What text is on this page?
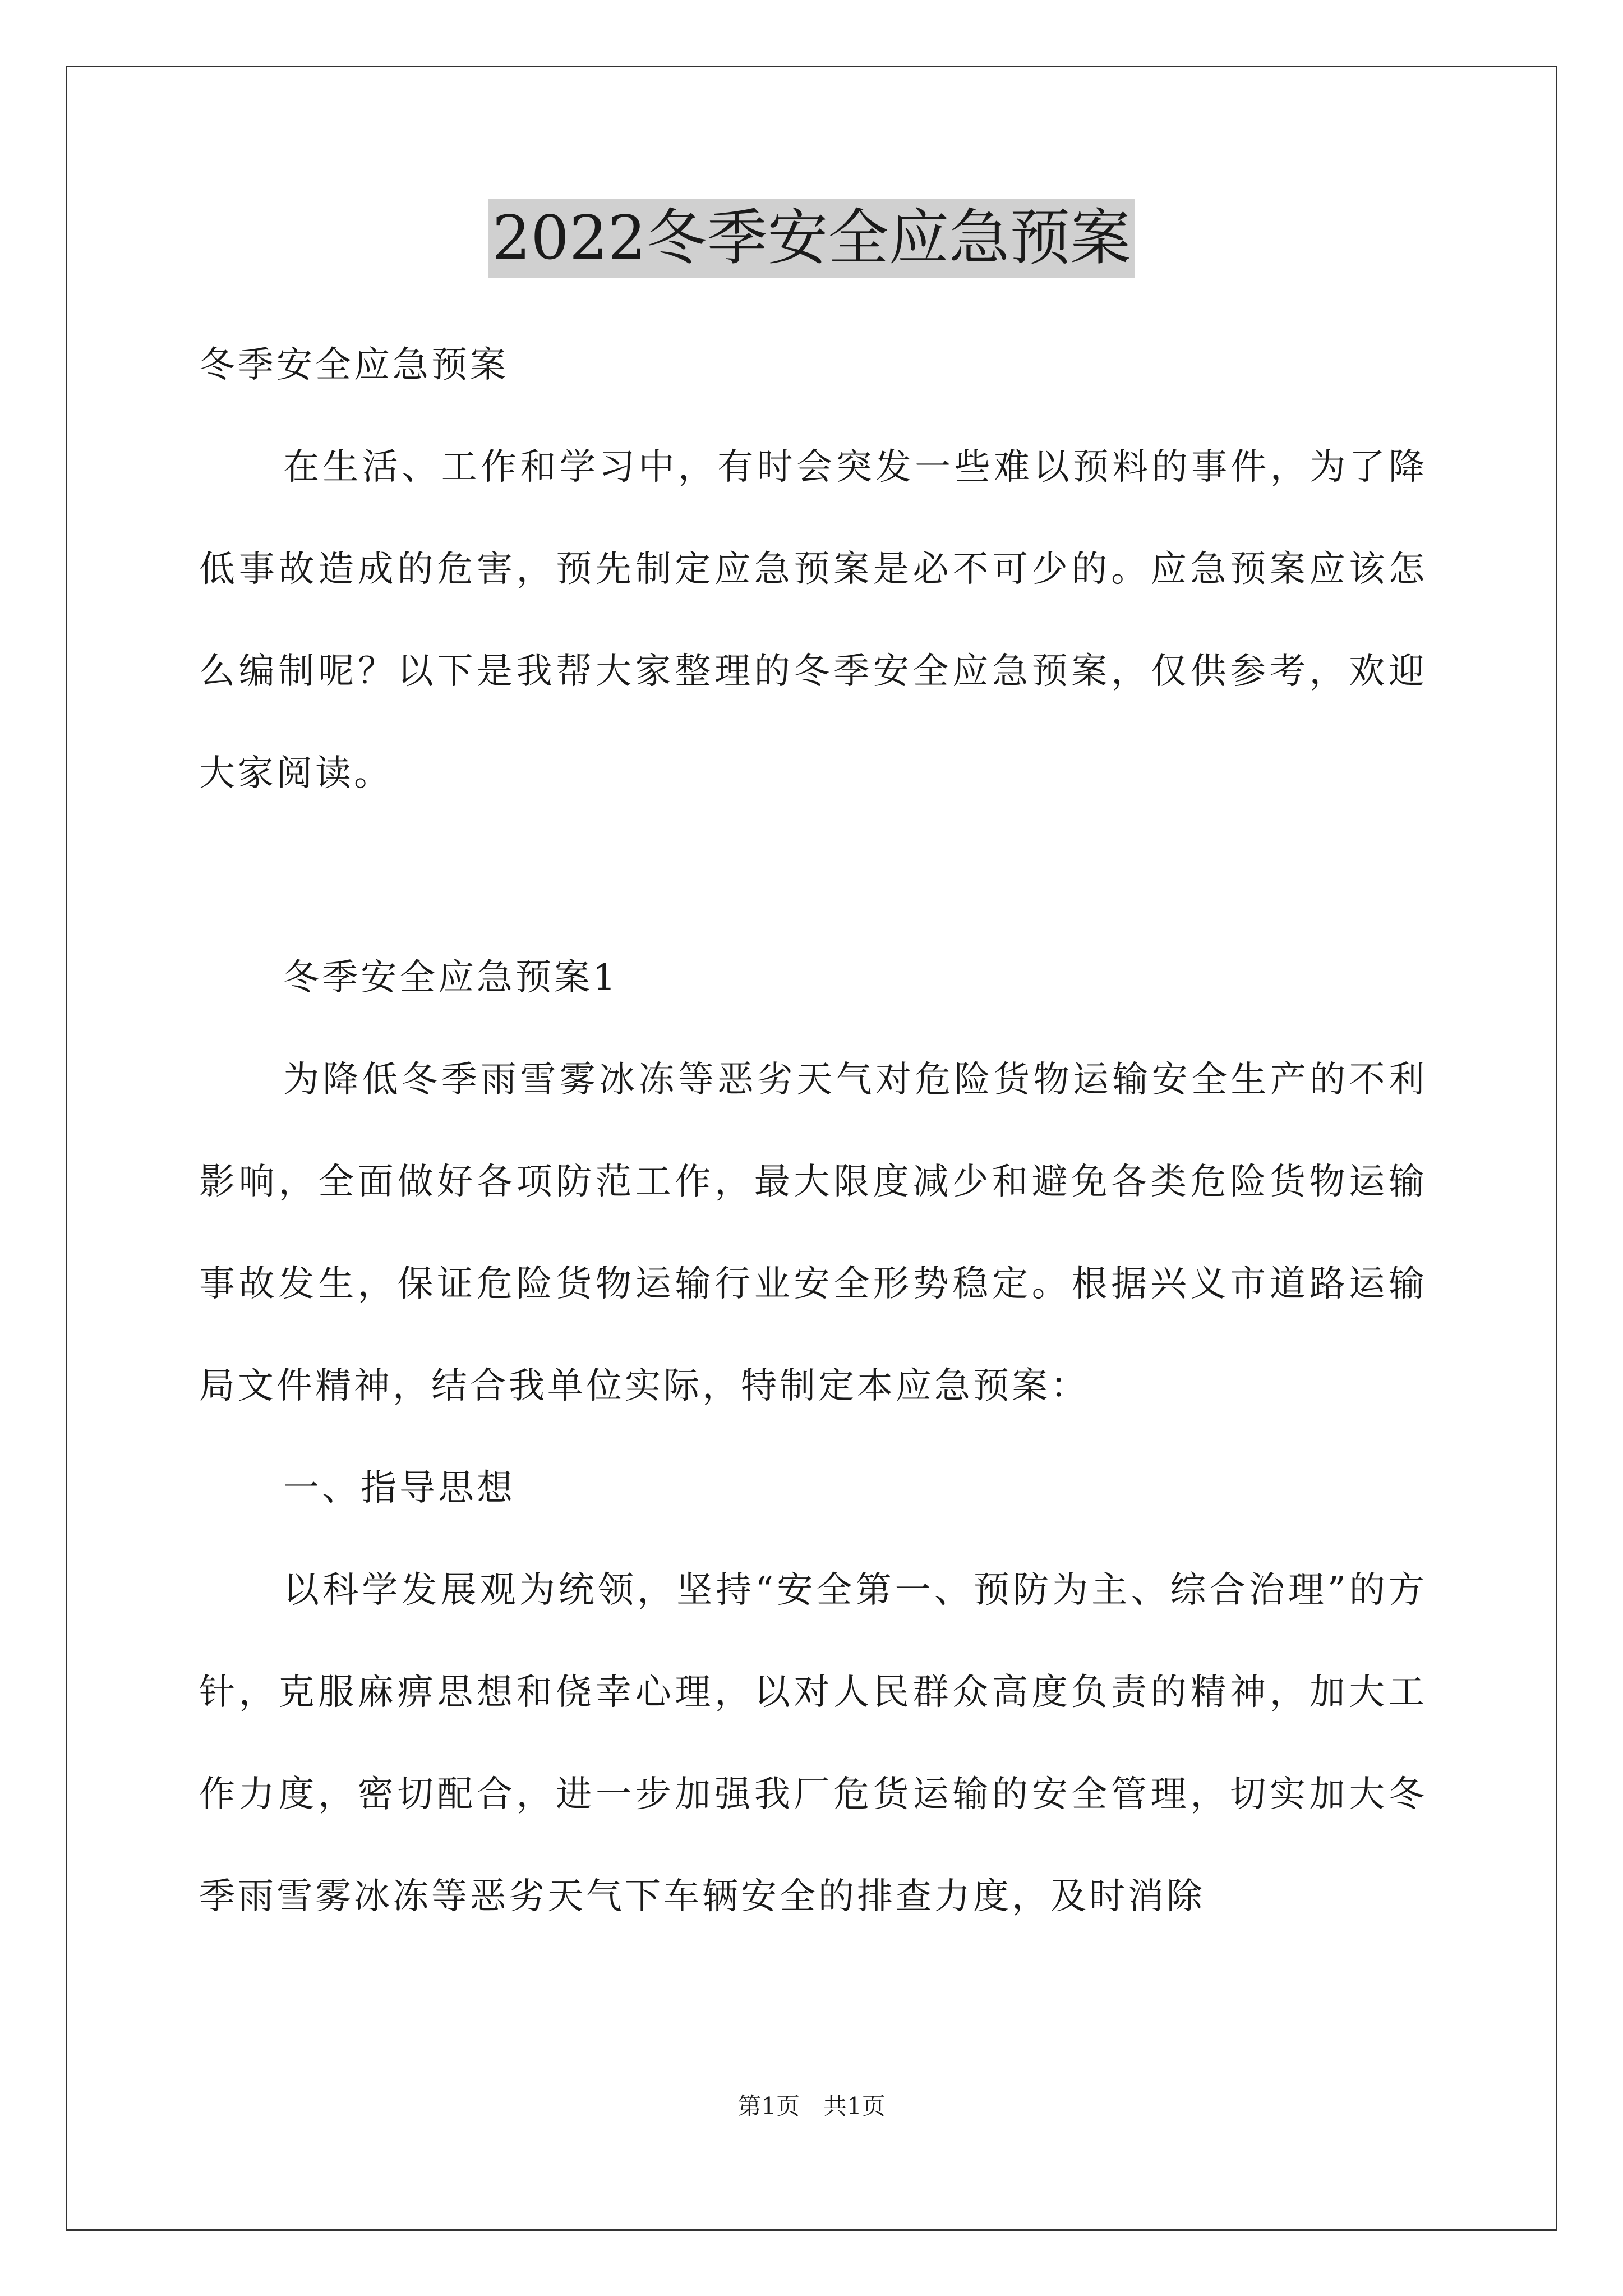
2022冬季安全应急预案

冬季安全应急预案

在生活、工作和学习中，有时会突发一些难以预料的事件，为了降低事故造成的危害，预先制定应急预案是必不可少的。应急预案应该怎么编制呢？以下是我帮大家整理的冬季安全应急预案，仅供参考，欢迎大家阅读。

冬季安全应急预案1

为降低冬季雨雪雾冰冻等恶劣天气对危险货物运输安全生产的不利影响，全面做好各项防范工作，最大限度减少和避免各类危险货物运输事故发生，保证危险货物运输行业安全形势稳定。根据兴义市道路运输局文件精神，结合我单位实际，特制定本应急预案：

一、指导思想

以科学发展观为统领，坚持“安全第一、预防为主、综合治理”的方针，克服麻痹思想和侥幸心理，以对人民群众高度负责的精神，加大工作力度，密切配合，进一步加强我厂危货运输的安全管理，切实加大冬季雨雪雾冰冻等恶劣天气下车辆安全的排查力度，及时消除

第1页　共1页
